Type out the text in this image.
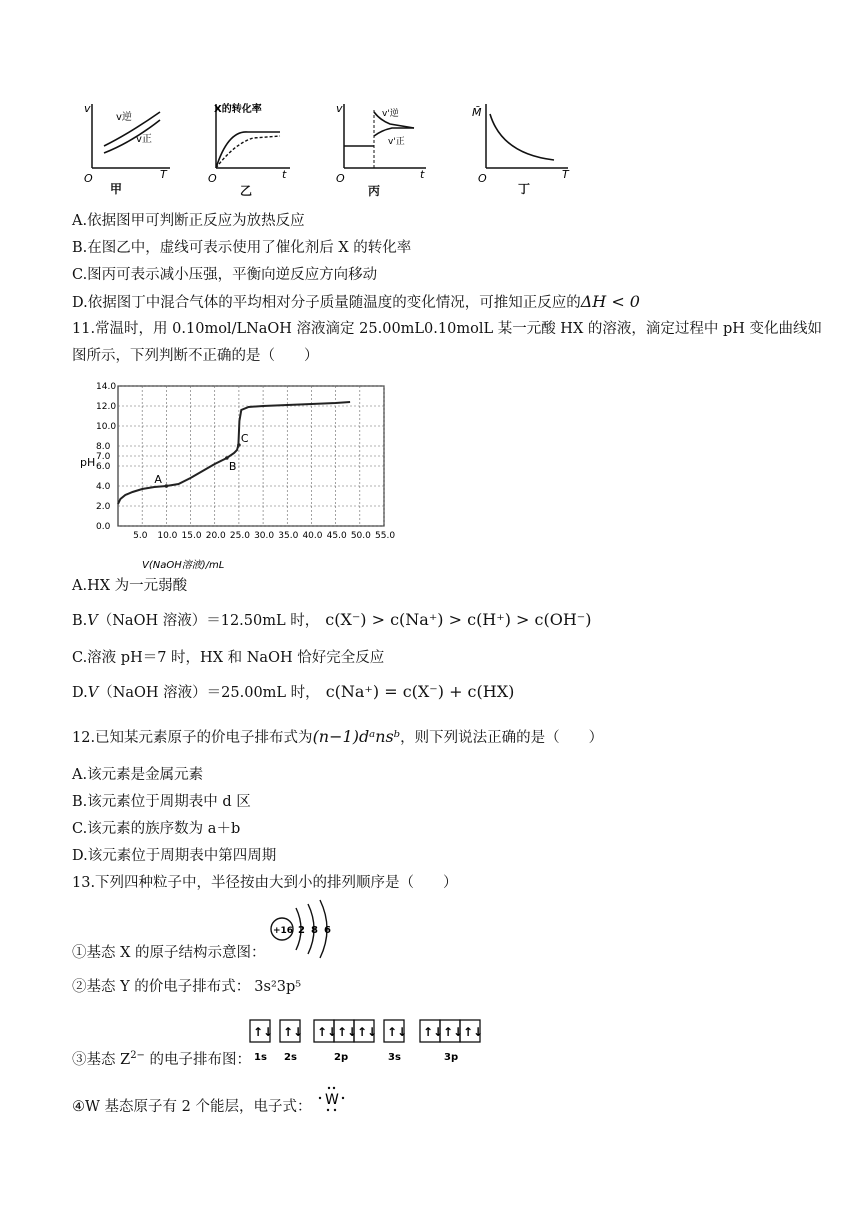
v
v逆
v正
T
O
甲
X的转化率
t
O
乙
v	v'逆
v'正
t
O
丙
M̄
T
O
丁
A.依据图甲可判断正反应为放热反应
B.在图乙中，虚线可表示使用了催化剂后 X 的转化率
C.图丙可表示减小压强，平衡向逆反应方向移动
D.依据图丁中混合气体的平均相对分子质量随温度的变化情况，可推知正反应的ΔH < 0
11.常温时，用 0.10mol/LNaOH 溶液滴定 25.00mL0.10molL 某一元酸 HX 的溶液，滴定过程中 pH 变化曲线如
图所示，下列判断不正确的是（　　）
5.0 10.0 15.0 20.0 25.0 30.0 35.0 40.0 45.0 50.0 55.0
0.0
2.0
4.0
6.0
7.0
8.0
10.0
12.0
14.0
A
B
C
pH
V(NaOH溶液)/mL
A.HX 为一元弱酸
B.V（NaOH 溶液）＝12.50mL 时， c(X⁻) > c(Na⁺) > c(H⁺) > c(OH⁻)
C.溶液 pH＝7 时，HX 和 NaOH 恰好完全反应
D.V（NaOH 溶液）＝25.00mL 时， c(Na⁺) = c(X⁻) + c(HX)
12.已知某元素原子的价电子排布式为(n−1)dᵃnsᵇ，则下列说法正确的是（　　）
A.该元素是金属元素
B.该元素位于周期表中 d 区
C.该元素的族序数为 a＋b
D.该元素位于周期表中第四周期
13.下列四种粒子中，半径按由大到小的排列顺序是（　　）
①基态 X 的原子结构示意图：
+16 2 8 6
②基态 Y 的价电子排布式： 3s²3p⁵
③基态 $Z^{2-}$ 的电子排布图：
↑↓ ↑↓ ↑↓ ↑↓ ↑↓ ↑↓ ↑↓ ↑↓ ↑↓
1s 2s	2p	3s	3p
④W 基态原子有 2 个能层，电子式： W
